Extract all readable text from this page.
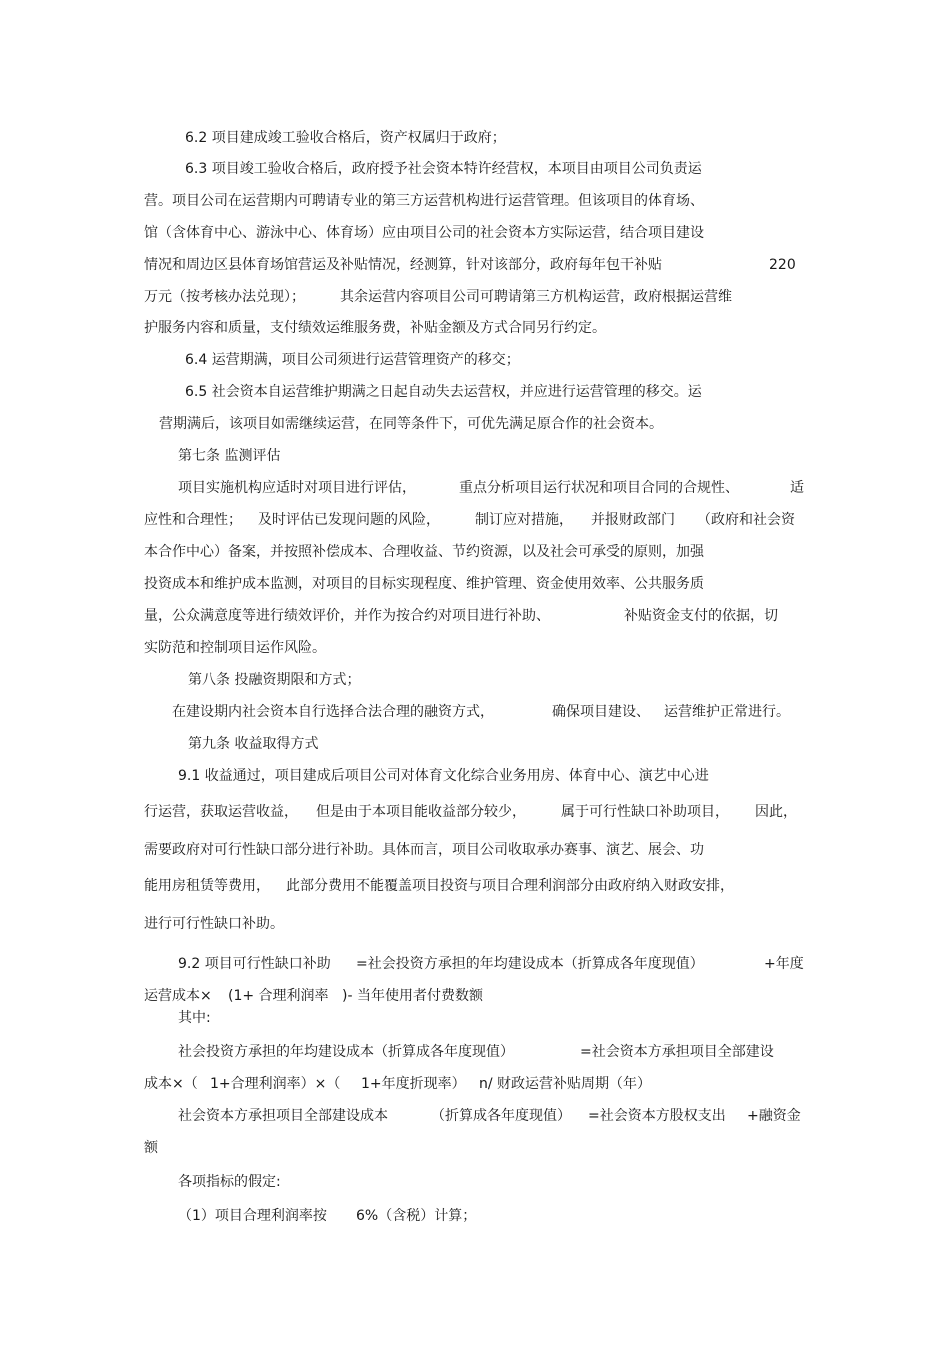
6.2 项目建成竣工验收合格后，资产权属归于政府；
6.3 项目竣工验收合格后，政府授予社会资本特许经营权，本项目由项目公司负责运
营。项目公司在运营期内可聘请专业的第三方运营机构进行运营管理。但该项目的体育场、
馆（含体育中心、游泳中心、体育场）应由项目公司的社会资本方实际运营，结合项目建设
情况和周边区县体育场馆营运及补贴情况，经测算，针对该部分，政府每年包干补贴	220
万元（按考核办法兑现）；	其余运营内容项目公司可聘请第三方机构运营，政府根据运营维
护服务内容和质量，支付绩效运维服务费，补贴金额及方式合同另行约定。
6.4 运营期满，项目公司须进行运营管理资产的移交；
6.5 社会资本自运营维护期满之日起自动失去运营权，并应进行运营管理的移交。运
营期满后，该项目如需继续运营，在同等条件下，可优先满足原合作的社会资本。
第七条 监测评估
项目实施机构应适时对项目进行评估，	重点分析项目运行状况和项目合同的合规性、	适
应性和合理性； 及时评估已发现问题的风险，	制订应对措施， 并报财政部门 （政府和社会资
本合作中心）备案，并按照补偿成本、合理收益、节约资源，以及社会可承受的原则，加强
投资成本和维护成本监测，对项目的目标实现程度、维护管理、资金使用效率、公共服务质
量，公众满意度等进行绩效评价，并作为按合约对项目进行补助、	补贴资金支付的依据，切
实防范和控制项目运作风险。
第八条 投融资期限和方式；
在建设期内社会资本自行选择合法合理的融资方式，	确保项目建设、 运营维护正常进行。
第九条 收益取得方式
9.1 收益通过，项目建成后项目公司对体育文化综合业务用房、体育中心、演艺中心进
行运营，获取运营收益， 但是由于本项目能收益部分较少，	属于可行性缺口补助项目， 因此，
需要政府对可行性缺口部分进行补助。具体而言，项目公司收取承办赛事、演艺、展会、功
能用房租赁等费用， 此部分费用不能覆盖项目投资与项目合理利润部分由政府纳入财政安排，
进行可行性缺口补助。
9.2 项目可行性缺口补助 =社会投资方承担的年均建设成本（折算成各年度现值）	+年度
运营成本× (1+ 合理利润率 )- 当年使用者付费数额
其中:
社会投资方承担的年均建设成本（折算成各年度现值）	=社会资本方承担项目全部建设
成本×（ 1+合理利润率）×（ 1+年度折现率） n/ 财政运营补贴周期（年）
社会资本方承担项目全部建设成本	（折算成各年度现值） =社会资本方股权支出 +融资金
额
各项指标的假定:
（1）项目合理利润率按 6%（含税）计算；
